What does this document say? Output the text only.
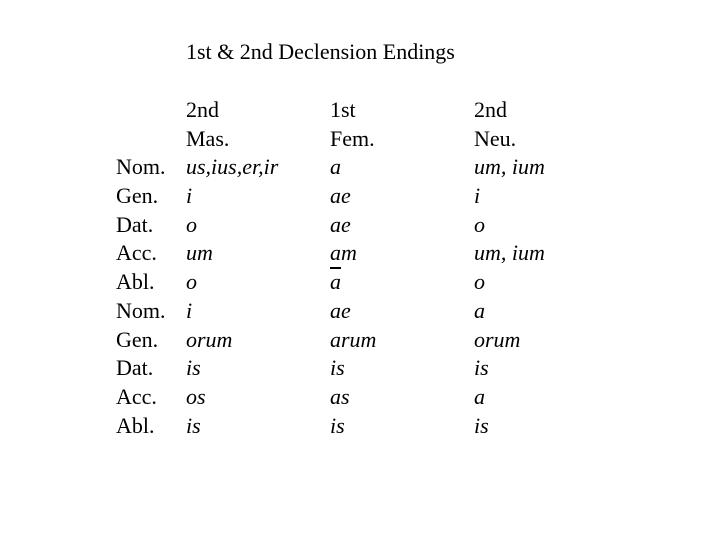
1st & 2nd Declension Endings
Nom.
Gen.
Dat.
Acc.
Abl.
Nom.
Gen.
Dat.
Acc.
Abl.
2nd
Mas.
us,ius,er,ir
i
o
um
o
i
orum
is
os
is
1st
Fem.
a
ae
ae
am
$\overline{a}$
ae
arum
is
as
is
2nd
Neu.
um, ium
i
o
um, ium
o
a
orum
is
a
is
